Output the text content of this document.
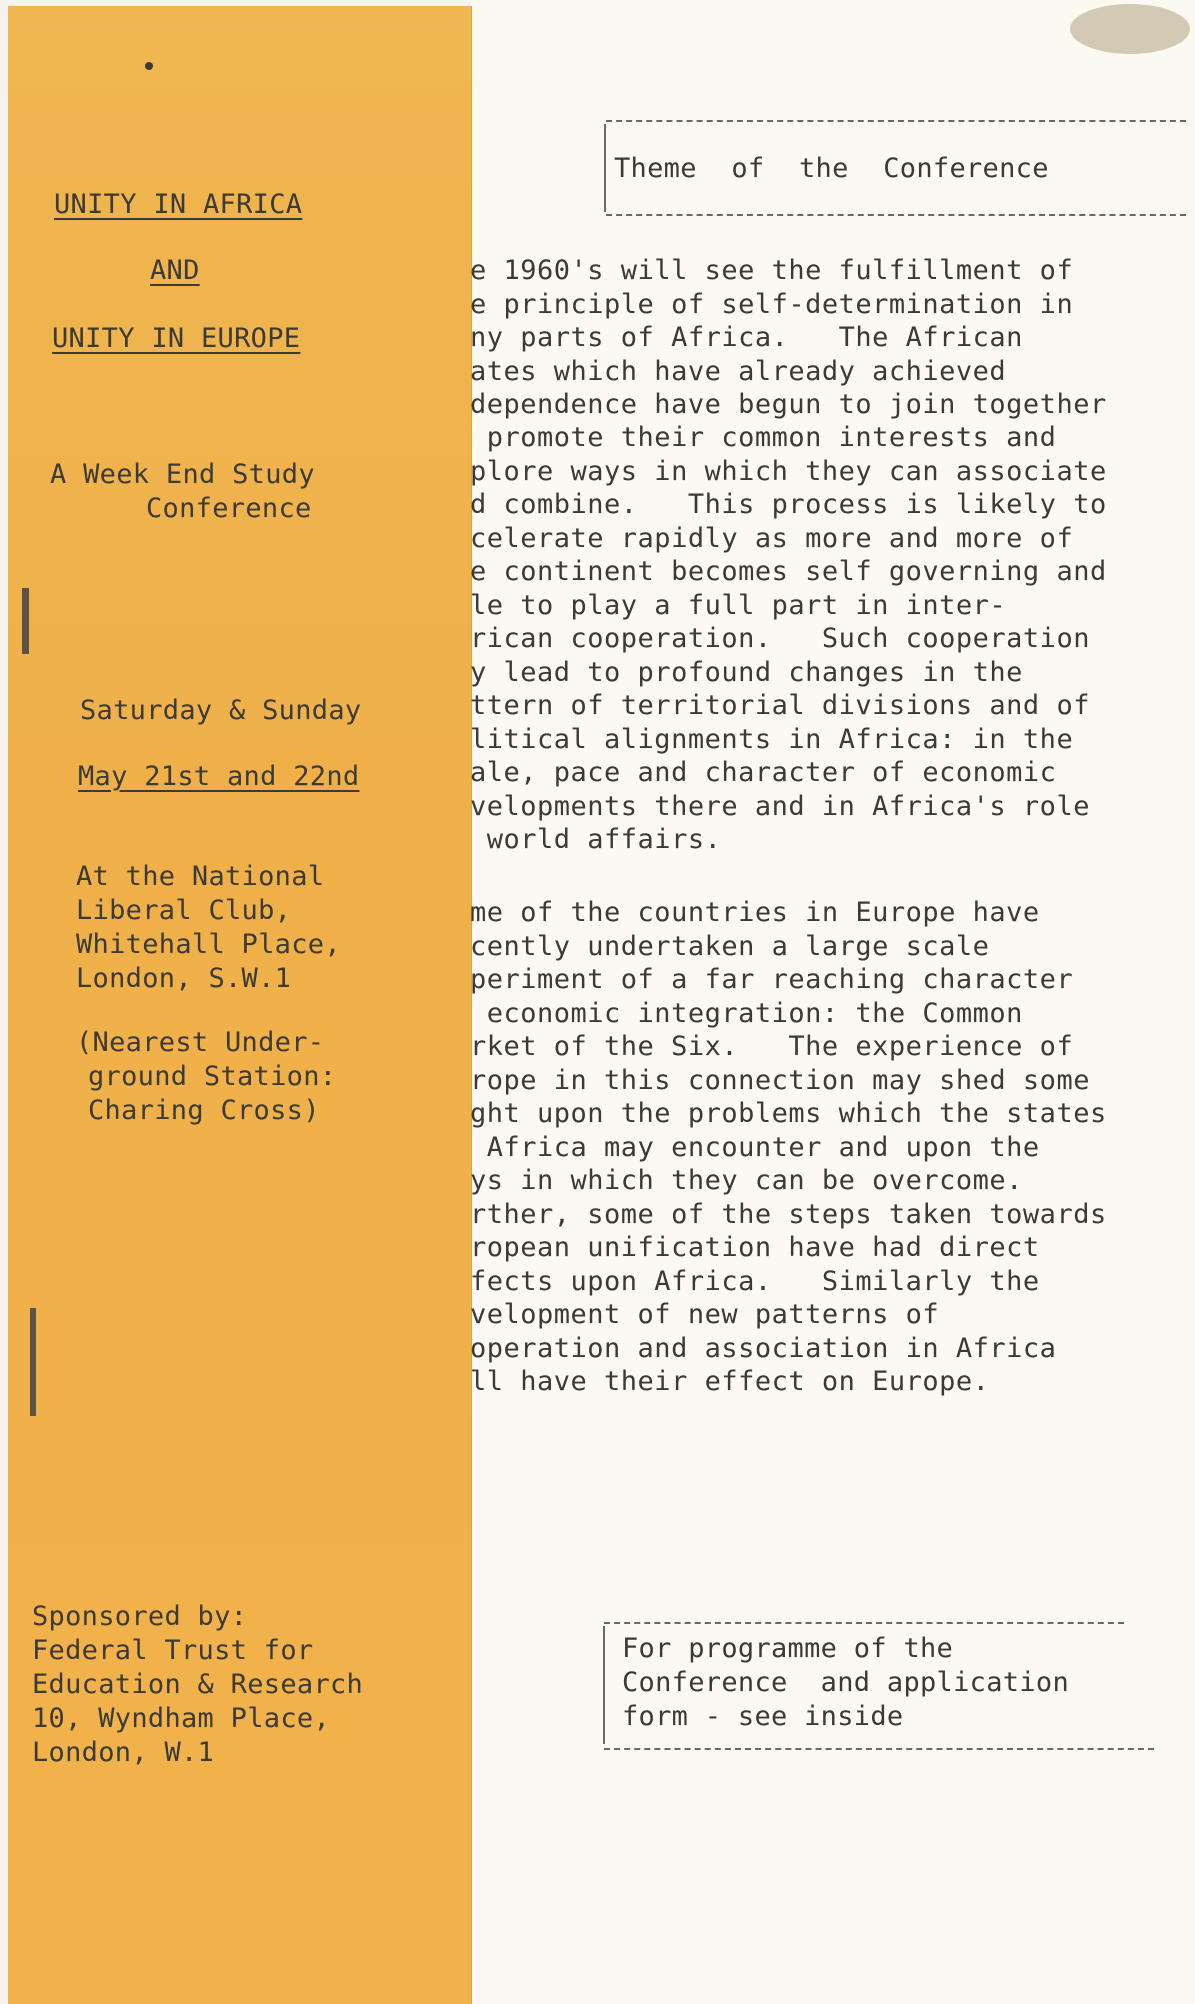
UNITY IN AFRICA
AND
UNITY IN EUROPE
A Week End Study
Conference
Saturday & Sunday
May 21st and 22nd
At the National
Liberal Club,
Whitehall Place,
London, S.W.1
(Nearest Under-
ground Station:
Charing Cross)
Sponsored by:
Federal Trust for
Education & Research
10, Wyndham Place,
London, W.1
Theme of the Conference
e 1960's will see the fulfillment of
e principle of self-determination in
ny parts of Africa.   The African
ates which have already achieved
dependence have begun to join together
promote their common interests and
plore ways in which they can associate
d combine.   This process is likely to
celerate rapidly as more and more of
e continent becomes self governing and
le to play a full part in inter-
rican cooperation.   Such cooperation
y lead to profound changes in the
ttern of territorial divisions and of
litical alignments in Africa: in the
ale, pace and character of economic
velopments there and in Africa's role
world affairs.
me of the countries in Europe have
cently undertaken a large scale
periment of a far reaching character
economic integration: the Common
rket of the Six.   The experience of
rope in this connection may shed some
ght upon the problems which the states
Africa may encounter and upon the
ys in which they can be overcome.
rther, some of the steps taken towards
ropean unification have had direct
fects upon Africa.   Similarly the
velopment of new patterns of
operation and association in Africa
ll have their effect on Europe.
For programme of the
Conference  and application
form - see inside
